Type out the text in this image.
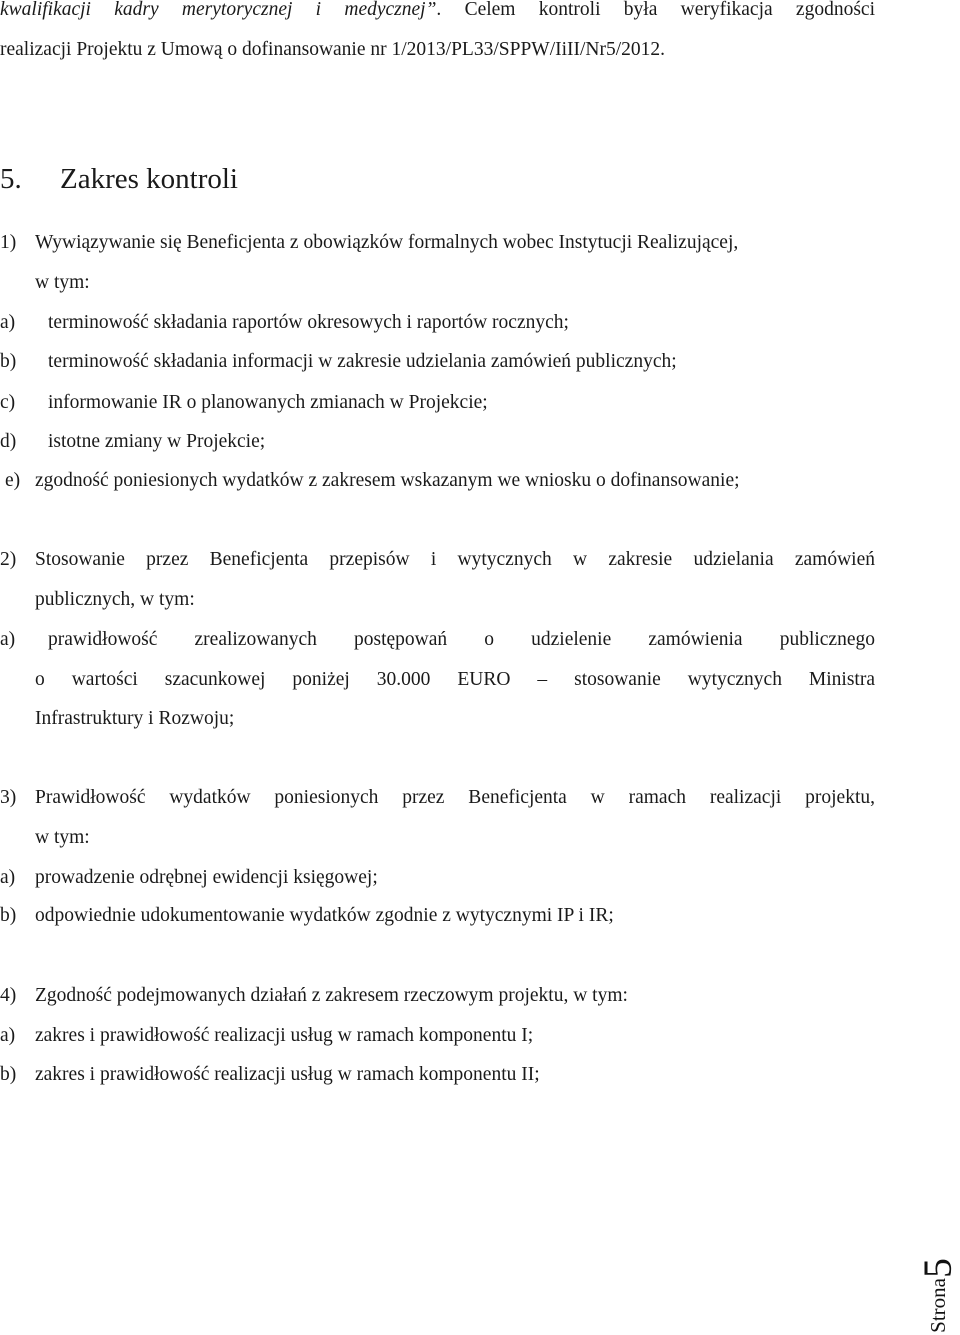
kwalifikacji kadry merytorycznej i medycznej”. Celem kontroli była weryfikacja zgodności
realizacji Projektu z Umową o dofinansowanie nr 1/2013/PL33/SPPW/IiII/Nr5/2012.
5. Zakres kontroli
1) Wywiązywanie się Beneficjenta z obowiązków formalnych wobec Instytucji Realizującej,
w tym:
a) terminowość składania raportów okresowych i raportów rocznych;
b) terminowość składania informacji w zakresie udzielania zamówień publicznych;
c) informowanie IR o planowanych zmianach w Projekcie;
d) istotne zmiany w Projekcie;
e) zgodność poniesionych wydatków z zakresem wskazanym we wniosku o dofinansowanie;
2) Stosowanie przez Beneficjenta przepisów i wytycznych w zakresie udzielania zamówień
publicznych, w tym:
a)	prawidłowość zrealizowanych postępowań o udzielenie zamówienia publicznego
o wartości szacunkowej poniżej 30.000 EURO – stosowanie wytycznych Ministra
Infrastruktury i Rozwoju;
3) Prawidłowość wydatków poniesionych przez Beneficjenta w ramach realizacji projektu,
w tym:
a) prowadzenie odrębnej ewidencji księgowej;
b) odpowiednie udokumentowanie wydatków zgodnie z wytycznymi IP i IR;
4) Zgodność podejmowanych działań z zakresem rzeczowym projektu, w tym:
a) zakres i prawidłowość realizacji usług w ramach komponentu I;
b) zakres i prawidłowość realizacji usług w ramach komponentu II;
Strona5
